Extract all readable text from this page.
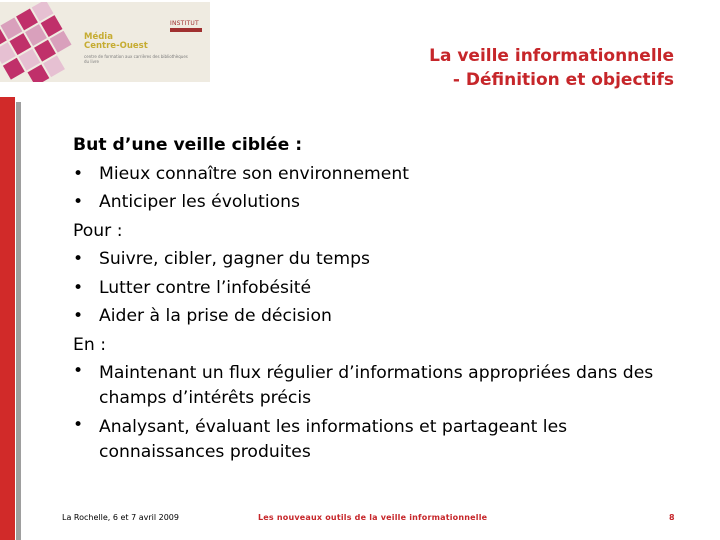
Média
Centre-Ouest
centre de formation aux carrières des bibliothèques du livre
INSTITUT
La veille informationnelle
- Définition et objectifs
But d’une veille ciblée :
• Mieux connaître son environnement
• Anticiper les évolutions
Pour :
• Suivre, cibler, gagner du temps
• Lutter contre l’infobésité
• Aider à la prise de décision
En :
• Maintenant un flux régulier d’informations appropriées dans des champs d’intérêts précis
• Analysant, évaluant les informations et partageant les connaissances produites
La Rochelle, 6 et 7 avril 2009	Les nouveaux outils de la veille informationnelle	8
